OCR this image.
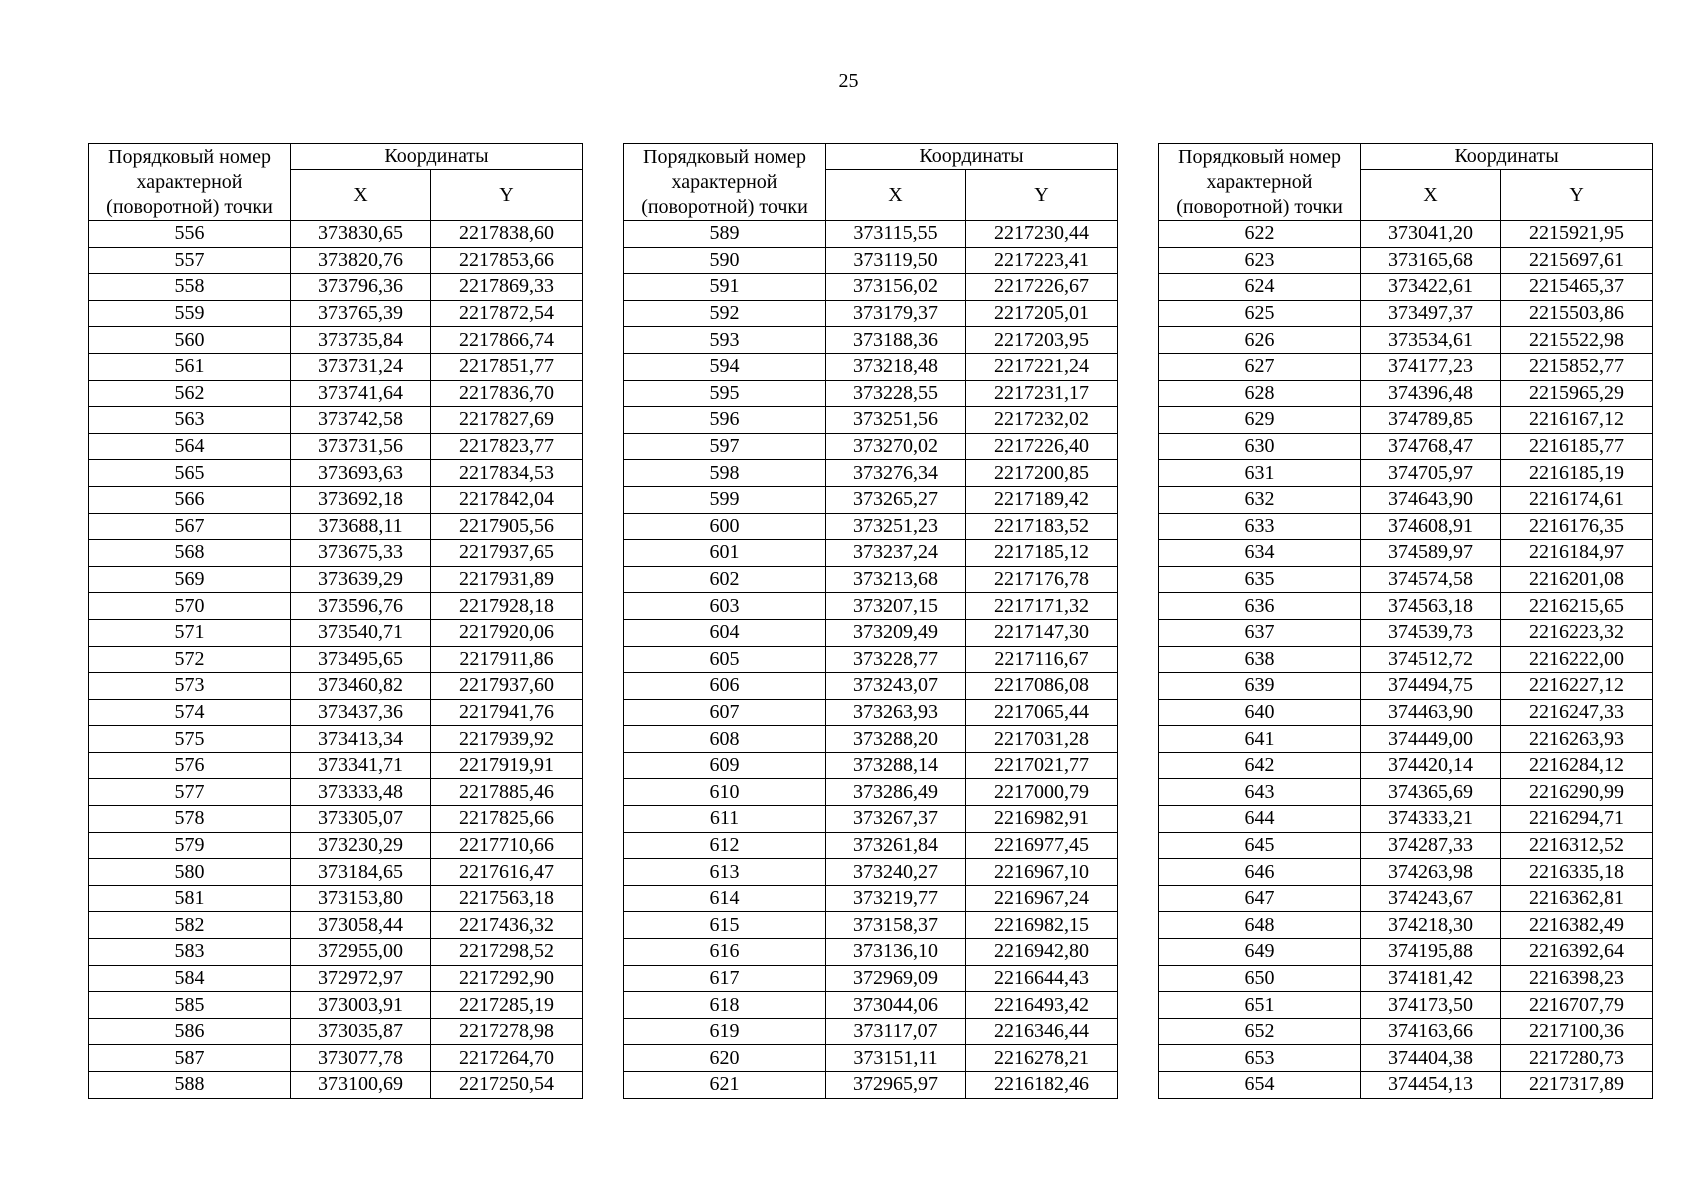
25
Порядковый номер характерной (поворотной) точки	Координаты	
	X	Y
556	373830,65	2217838,60
557	373820,76	2217853,66
558	373796,36	2217869,33
559	373765,39	2217872,54
560	373735,84	2217866,74
561	373731,24	2217851,77
562	373741,64	2217836,70
563	373742,58	2217827,69
564	373731,56	2217823,77
565	373693,63	2217834,53
566	373692,18	2217842,04
567	373688,11	2217905,56
568	373675,33	2217937,65
569	373639,29	2217931,89
570	373596,76	2217928,18
571	373540,71	2217920,06
572	373495,65	2217911,86
573	373460,82	2217937,60
574	373437,36	2217941,76
575	373413,34	2217939,92
576	373341,71	2217919,91
577	373333,48	2217885,46
578	373305,07	2217825,66
579	373230,29	2217710,66
580	373184,65	2217616,47
581	373153,80	2217563,18
582	373058,44	2217436,32
583	372955,00	2217298,52
584	372972,97	2217292,90
585	373003,91	2217285,19
586	373035,87	2217278,98
587	373077,78	2217264,70
588	373100,69	2217250,54
Порядковый номер характерной (поворотной) точки	Координаты	
	X	Y
589	373115,55	2217230,44
590	373119,50	2217223,41
591	373156,02	2217226,67
592	373179,37	2217205,01
593	373188,36	2217203,95
594	373218,48	2217221,24
595	373228,55	2217231,17
596	373251,56	2217232,02
597	373270,02	2217226,40
598	373276,34	2217200,85
599	373265,27	2217189,42
600	373251,23	2217183,52
601	373237,24	2217185,12
602	373213,68	2217176,78
603	373207,15	2217171,32
604	373209,49	2217147,30
605	373228,77	2217116,67
606	373243,07	2217086,08
607	373263,93	2217065,44
608	373288,20	2217031,28
609	373288,14	2217021,77
610	373286,49	2217000,79
611	373267,37	2216982,91
612	373261,84	2216977,45
613	373240,27	2216967,10
614	373219,77	2216967,24
615	373158,37	2216982,15
616	373136,10	2216942,80
617	372969,09	2216644,43
618	373044,06	2216493,42
619	373117,07	2216346,44
620	373151,11	2216278,21
621	372965,97	2216182,46
Порядковый номер характерной (поворотной) точки	Координаты	
	X	Y
622	373041,20	2215921,95
623	373165,68	2215697,61
624	373422,61	2215465,37
625	373497,37	2215503,86
626	373534,61	2215522,98
627	374177,23	2215852,77
628	374396,48	2215965,29
629	374789,85	2216167,12
630	374768,47	2216185,77
631	374705,97	2216185,19
632	374643,90	2216174,61
633	374608,91	2216176,35
634	374589,97	2216184,97
635	374574,58	2216201,08
636	374563,18	2216215,65
637	374539,73	2216223,32
638	374512,72	2216222,00
639	374494,75	2216227,12
640	374463,90	2216247,33
641	374449,00	2216263,93
642	374420,14	2216284,12
643	374365,69	2216290,99
644	374333,21	2216294,71
645	374287,33	2216312,52
646	374263,98	2216335,18
647	374243,67	2216362,81
648	374218,30	2216382,49
649	374195,88	2216392,64
650	374181,42	2216398,23
651	374173,50	2216707,79
652	374163,66	2217100,36
653	374404,38	2217280,73
654	374454,13	2217317,89
